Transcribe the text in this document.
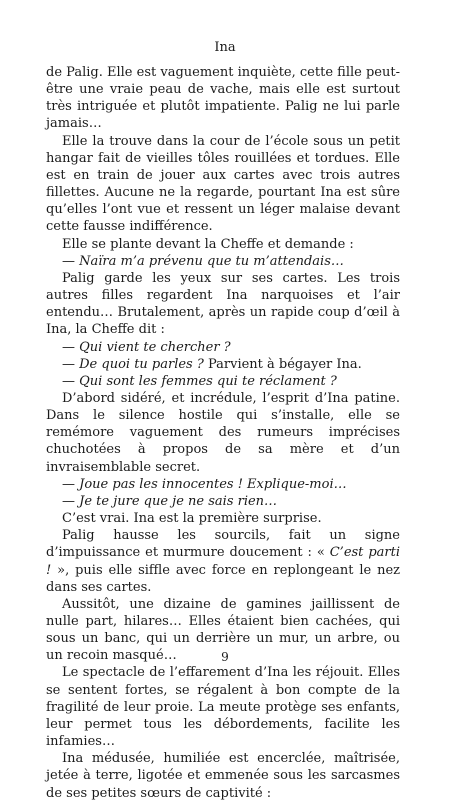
Ina

de Palig. Elle est vaguement inquiète, cette fille peut-être une vraie peau de vache, mais elle est surtout très intriguée et plutôt impatiente. Palig ne lui parle jamais…

Elle la trouve dans la cour de l’école sous un petit hangar fait de vieilles tôles rouillées et tordues. Elle est en train de jouer aux cartes avec trois autres fillettes. Aucune ne la regarde, pourtant Ina est sûre qu’elles l’ont vue et ressent un léger malaise devant cette fausse indifférence.

Elle se plante devant la Cheffe et demande :

— Naïra m’a prévenu que tu m’attendais…

Palig garde les yeux sur ses cartes. Les trois autres filles regardent Ina narquoises et l’air entendu… Brutalement, après un rapide coup d’œil à Ina, la Cheffe dit :

— Qui vient te chercher ?

— De quoi tu parles ? Parvient à bégayer Ina.

— Qui sont les femmes qui te réclament ?

D’abord sidéré, et incrédule, l’esprit d’Ina patine. Dans le silence hostile qui s’installe, elle se remémore vaguement des rumeurs imprécises chuchotées à propos de sa mère et d’un invraisemblable secret.

— Joue pas les innocentes ! Explique-moi…

— Je te jure que je ne sais rien…

C’est vrai. Ina est la première surprise.

Palig hausse les sourcils, fait un signe d’impuissance et murmure doucement : « C’est parti ! », puis elle siffle avec force en replongeant le nez dans ses cartes.

Aussitôt, une dizaine de gamines jaillissent de nulle part, hilares… Elles étaient bien cachées, qui sous un banc, qui un derrière un mur, un arbre, ou un recoin masqué…

Le spectacle de l’effarement d’Ina les réjouit. Elles se sentent fortes, se régalent à bon compte de la fragilité de leur proie. La meute protège ses enfants, leur permet tous les débordements, facilite les infamies…

Ina médusée, humiliée est encerclée, maîtrisée, jetée à terre, ligotée et emmenée sous les sarcasmes de ses petites sœurs de captivité :

9
